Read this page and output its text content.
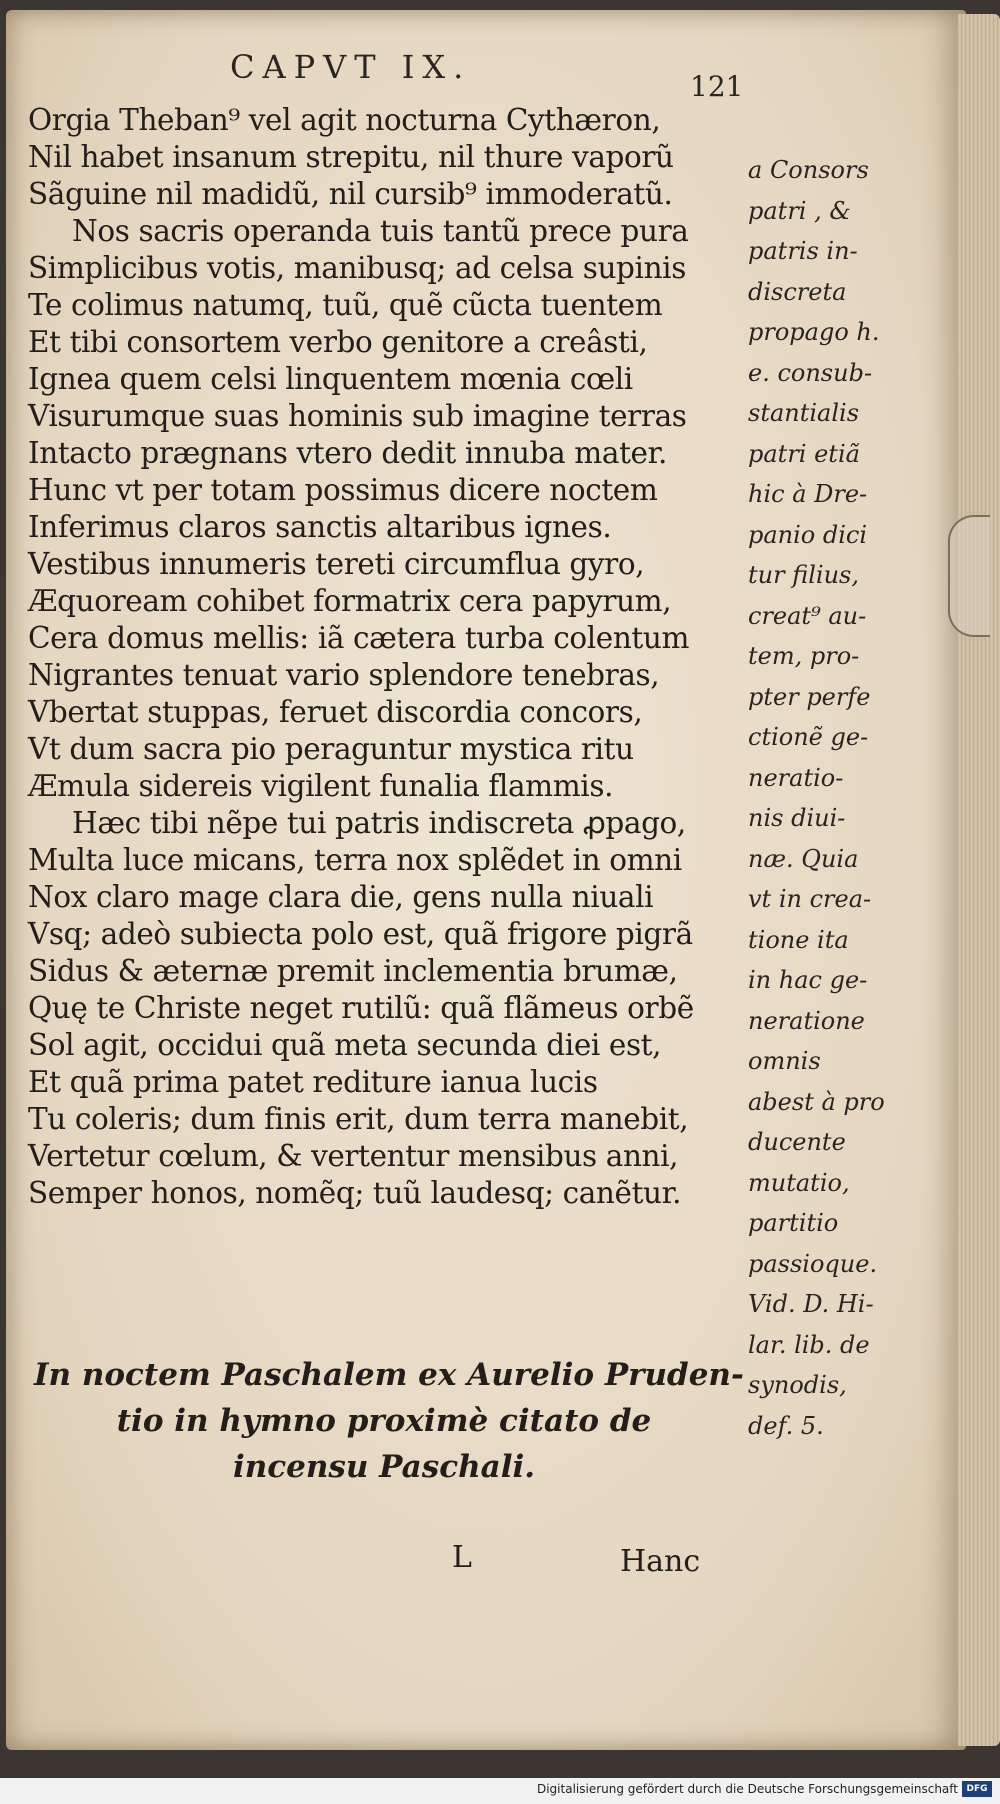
CAPVT IX.
121
Orgia Theban⁹ vel agit nocturna Cythæron,
Nil habet insanum strepitu, nil thure vaporũ
Sãguine nil madidũ, nil cursib⁹ immoderatũ.
Nos sacris operanda tuis tantũ prece pura
Simplicibus votis, manibusq; ad celsa supinis
Te colimus natumq, tuũ, quẽ cũcta tuentem
Et tibi consortem verbo genitore a creâsti,
Ignea quem celsi linquentem mœnia cœli
Visurumque suas hominis sub imagine terras
Intacto prægnans vtero dedit innuba mater.
Hunc vt per totam possimus dicere noctem
Inferimus claros sanctis altaribus ignes.
Vestibus innumeris tereti circumflua gyro,
Æquoream cohibet formatrix cera papyrum,
Cera domus mellis: iã cætera turba colentum
Nigrantes tenuat vario splendore tenebras,
Vbertat stuppas, feruet discordia concors,
Vt dum sacra pio peraguntur mystica ritu
Æmula sidereis vigilent funalia flammis.
Hæc tibi nẽpe tui patris indiscreta ꝓpago,
Multa luce micans, terra nox splẽdet in omni
Nox claro mage clara die, gens nulla niuali
Vsq; adeò subiecta polo est, quã frigore pigrã
Sidus & æternæ premit inclementia brumæ,
Quę te Christe neget rutilũ: quã flãmeus orbẽ
Sol agit, occidui quã meta secunda diei est,
Et quã prima patet rediture ianua lucis
Tu coleris; dum finis erit, dum terra manebit,
Vertetur cœlum, & vertentur mensibus anni,
Semper honos, nomẽq; tuũ laudesq; canẽtur.
a Consors
patri , &
patris in-
discreta
propago h.
e. consub-
stantialis
patri etiã
hic à Dre-
panio dici
tur filius,
creat⁹ au-
tem, pro-
pter perfe
ctionẽ ge-
neratio-
nis diui-
næ. Quia
vt in crea-
tione ita
in hac ge-
neratione
omnis
abest à pro
ducente
mutatio,
partitio
passioque.
Vid. D. Hi-
lar. lib. de
synodis,
def. 5.
In noctem Paschalem ex Aurelio Pruden-
tio in hymno proximè citato de
incensu Paschali.
L	Hanc
Digitalisierung gefördert durch die Deutsche Forschungsgemeinschaft DFG
